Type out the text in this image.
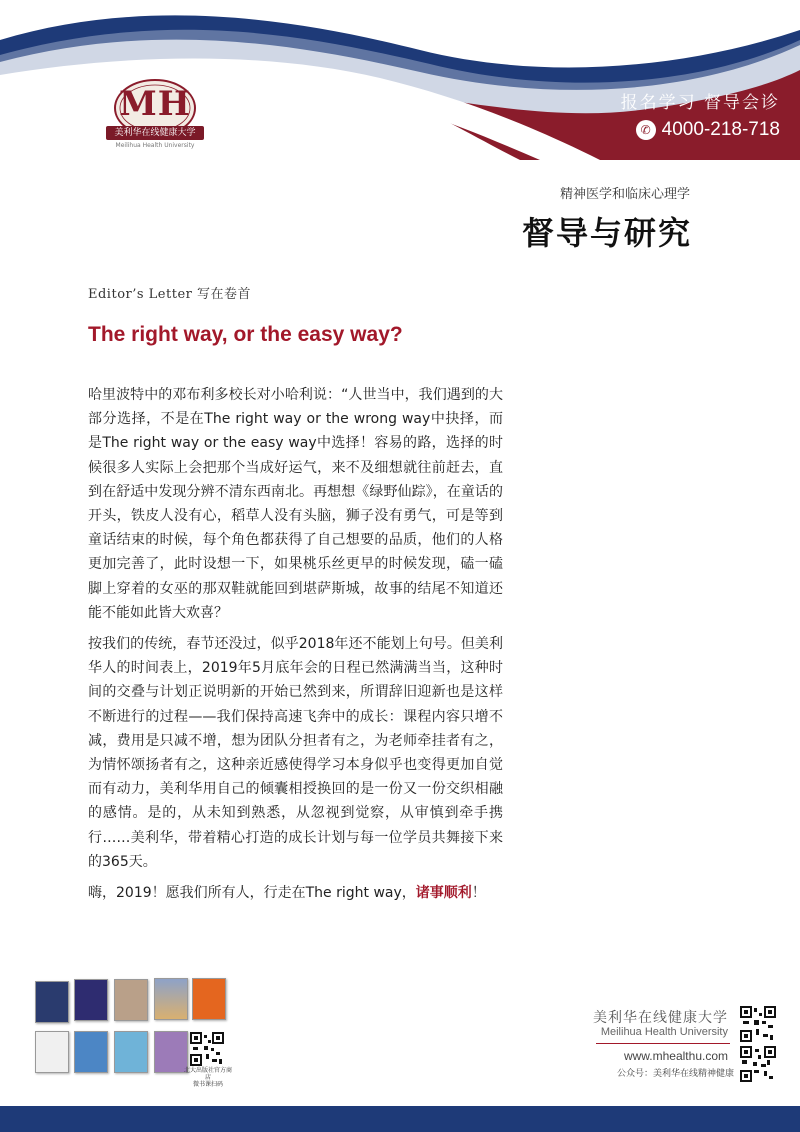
MH
美利华在线健康大学
Meilihua Health University
报名学习 督导会诊
✆ 4000-218-718
精神医学和临床心理学
督导与研究
Editor’s Letter 写在卷首
The right way, or the easy way?

哈里波特中的邓布利多校长对小哈利说：“人世当中，我们遇到的大部分选择，不是在The right way or the wrong way中抉择，而是The right way or the easy way中选择！容易的路，选择的时候很多人实际上会把那个当成好运气，来不及细想就往前赶去，直到在舒适中发现分辨不清东西南北。再想想《绿野仙踪》，在童话的开头，铁皮人没有心，稻草人没有头脑，狮子没有勇气，可是等到童话结束的时候，每个角色都获得了自己想要的品质，他们的人格更加完善了，此时设想一下，如果桃乐丝更早的时候发现，磕一磕脚上穿着的女巫的那双鞋就能回到堪萨斯城，故事的结尾不知道还能不能如此皆大欢喜？

按我们的传统，春节还没过，似乎2018年还不能划上句号。但美利华人的时间表上，2019年5月底年会的日程已然满满当当，这种时间的交叠与计划正说明新的开始已然到来，所谓辞旧迎新也是这样不断进行的过程——我们保持高速飞奔中的成长：课程内容只增不减，费用是只减不增，想为团队分担者有之，为老师牵挂者有之，为情怀颂扬者有之，这种亲近感使得学习本身似乎也变得更加自觉而有动力，美利华用自己的倾囊相授换回的是一份又一份交织相融的感情。是的，从未知到熟悉，从忽视到觉察，从审慎到牵手携行……美利华，带着精心打造的成长计划与每一位学员共舞接下来的365天。

嗨，2019！愿我们所有人，行走在The right way，诸事顺利！

北大出版社官方商店
微书课扫码
美利华在线健康大学
Meilihua Health University
www.mhealthu.com
公众号：美利华在线精神健康
